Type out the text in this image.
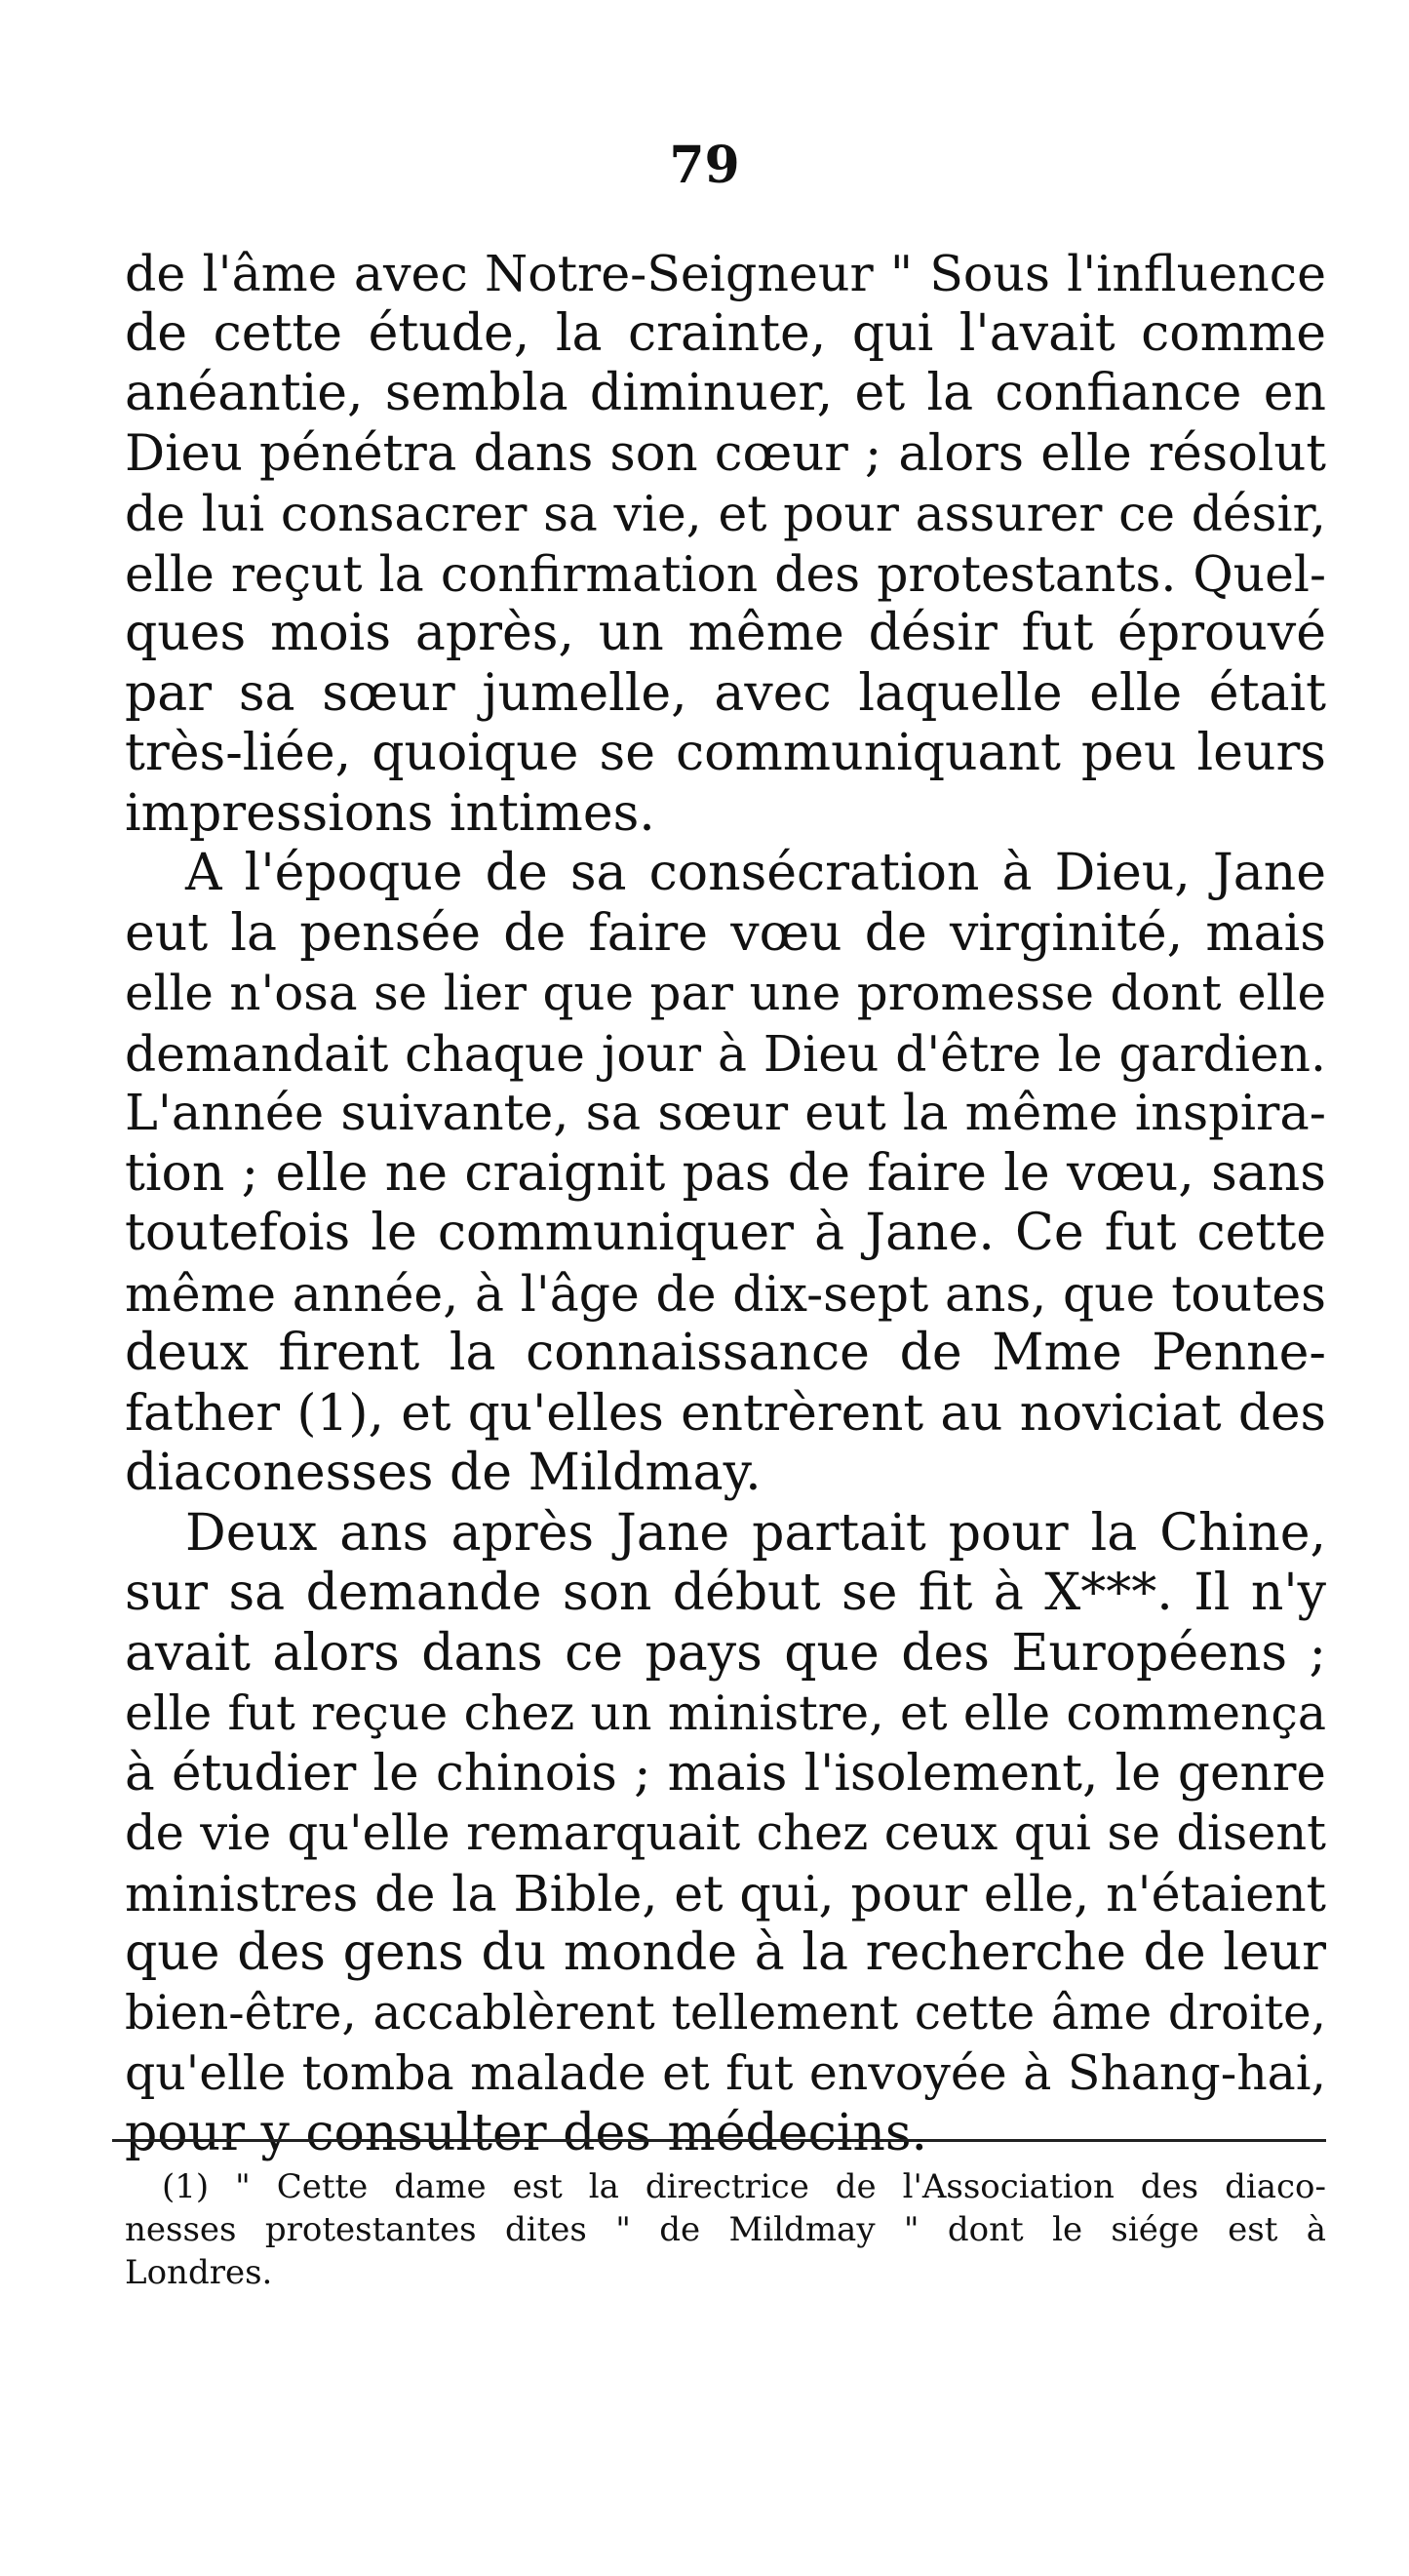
79
de l'âme avec Notre-Seigneur " Sous l'influence
de cette étude, la crainte, qui l'avait comme
anéantie, sembla diminuer, et la confiance en
Dieu pénétra dans son cœur ; alors elle résolut
de lui consacrer sa vie, et pour assurer ce désir,
elle reçut la confirmation des protestants. Quel-
ques mois après, un même désir fut éprouvé
par sa sœur jumelle, avec laquelle elle était
très-liée, quoique se communiquant peu leurs
impressions intimes.
A l'époque de sa consécration à Dieu, Jane
eut la pensée de faire vœu de virginité, mais
elle n'osa se lier que par une promesse dont elle
demandait chaque jour à Dieu d'être le gardien.
L'année suivante, sa sœur eut la même inspira-
tion ; elle ne craignit pas de faire le vœu, sans
toutefois le communiquer à Jane. Ce fut cette
même année, à l'âge de dix-sept ans, que toutes
deux firent la connaissance de Mme Penne-
father (1), et qu'elles entrèrent au noviciat des
diaconesses de Mildmay.
Deux ans après Jane partait pour la Chine,
sur sa demande son début se fit à X***. Il n'y
avait alors dans ce pays que des Européens ;
elle fut reçue chez un ministre, et elle commença
à étudier le chinois ; mais l'isolement, le genre
de vie qu'elle remarquait chez ceux qui se disent
ministres de la Bible, et qui, pour elle, n'étaient
que des gens du monde à la recherche de leur
bien-être, accablèrent tellement cette âme droite,
qu'elle tomba malade et fut envoyée à Shang-hai,
pour y consulter des médecins.
(1) " Cette dame est la directrice de l'Association des diaco-
nesses protestantes dites " de Mildmay " dont le siége est à
Londres.
